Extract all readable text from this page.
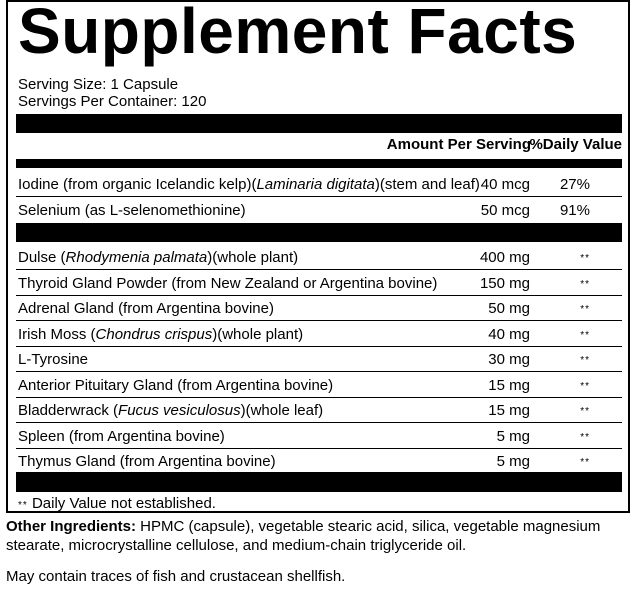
Supplement Facts
Serving Size: 1 Capsule
Servings Per Container: 120
Amount Per Serving
%Daily Value
Iodine (from organic Icelandic kelp)(Laminaria digitata)(stem and leaf) 40 mcg 27%
Selenium (as L-selenomethionine)	50 mcg 91%
Dulse (Rhodymenia palmata)(whole plant)	400 mg	**
Thyroid Gland Powder (from New Zealand or Argentina bovine)	150 mg	**
Adrenal Gland (from Argentina bovine)	50 mg	**
Irish Moss (Chondrus crispus)(whole plant)	40 mg	**
L-Tyrosine	30 mg	**
Anterior Pituitary Gland (from Argentina bovine)	15 mg	**
Bladderwrack (Fucus vesiculosus)(whole leaf)	15 mg	**
Spleen (from Argentina bovine)	5 mg	**
Thymus Gland (from Argentina bovine)	5 mg	**
** Daily Value not established.
Other Ingredients: HPMC (capsule), vegetable stearic acid, silica, vegetable magnesium stearate, microcrystalline cellulose, and medium-chain triglyceride oil.
May contain traces of fish and crustacean shellfish.
